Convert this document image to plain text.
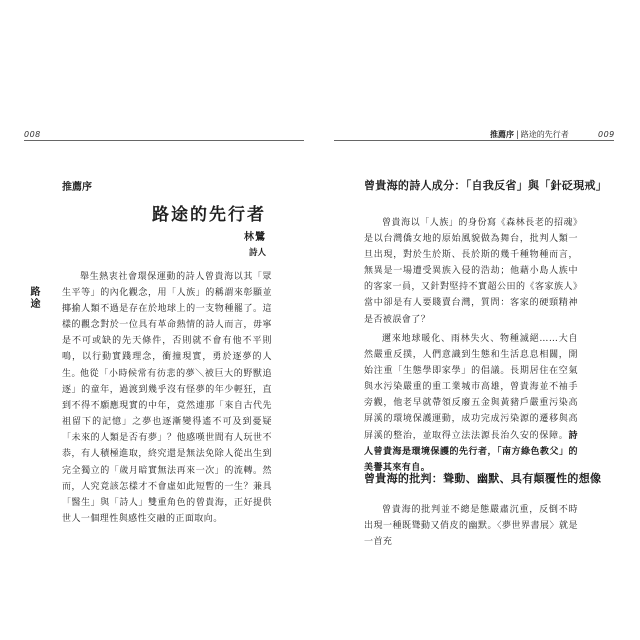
008	推薦序 | 路途的先行者	009
推薦序
路途的先行者
林鷺
詩人

舉生熱衷社會環保運動的詩人曾貴海以其「眾生平等」的內化觀念，用「人族」的稱謂來彰顯並揶揄人類不過是存在於地球上的一支物種罷了。這樣的觀念對於一位具有革命熱情的詩人而言，毋寧是不可或缺的先天條件，否則就不會有他不平則鳴，以行動實踐理念，衝撞現實，勇於逐夢的人生。 他從「小時候常有彷悲的夢＼被巨大的野獸追逐」的童年，過渡到幾乎沒有怪夢的年少輕狂，直到不得不願應現實的中年，竟然連那「來自古代先祖留下的記憶」之夢也逐漸變得遙不可及到憂疑「未來的人類是否有夢」？他感嘆世間有人玩世不恭，有人積極進取，終究還是無法免除人從出生到完全獨立的「歲月暗實無法再來一次」的流轉。然而，人究竟該怎樣才不會虛如此短暫的一生？兼具「醫生」與「詩人」雙重角色的曾貴海，正好提供世人一個理性與感性交融的正面取向。

路途
曾貴海的詩人成分：「自我反省」與「針砭現戒」

曾貴海以「人族」的身份寫《森林長老的招魂》是以台灣僑女地的原始風貌做為舞台，批判人類一旦出現，對於生於斯、長於斯的幾千種物種而言，無異是一場遭受異族入侵的浩劫；他藉小島人族中的客家一員，又針對堅持不實超公田的《客家族人》當中卻是有人要賤賣台灣，質問：客家的硬頸精神是否被誤會了？

邇來地球暖化、雨林失火、物種滅絕……大自然嚴重反撲，人們意識到生態和生活息息相關，開始注重「生態學即家學」的倡議。長期居住在空氣與水污染嚴重的重工業城市高雄，曾貴海並不袖手旁觀，他老早就帶領反廢五金與黃豬戶嚴重污染高屏溪的環境保護運動，成功完成污染源的遷移與高屏溪的整治，並取得立法法源長治久安的保障。詩人曾貴海是環境保護的先行者，「南方綠色教父」的美譽其來有自。

曾貴海的批判：聳動、幽默、具有顛覆性的想像

曾貴海的批判並不總是態嚴肅沉重，反倒不時出現一種既聳動又俏皮的幽默。〈夢世界書展〉就是一首充
